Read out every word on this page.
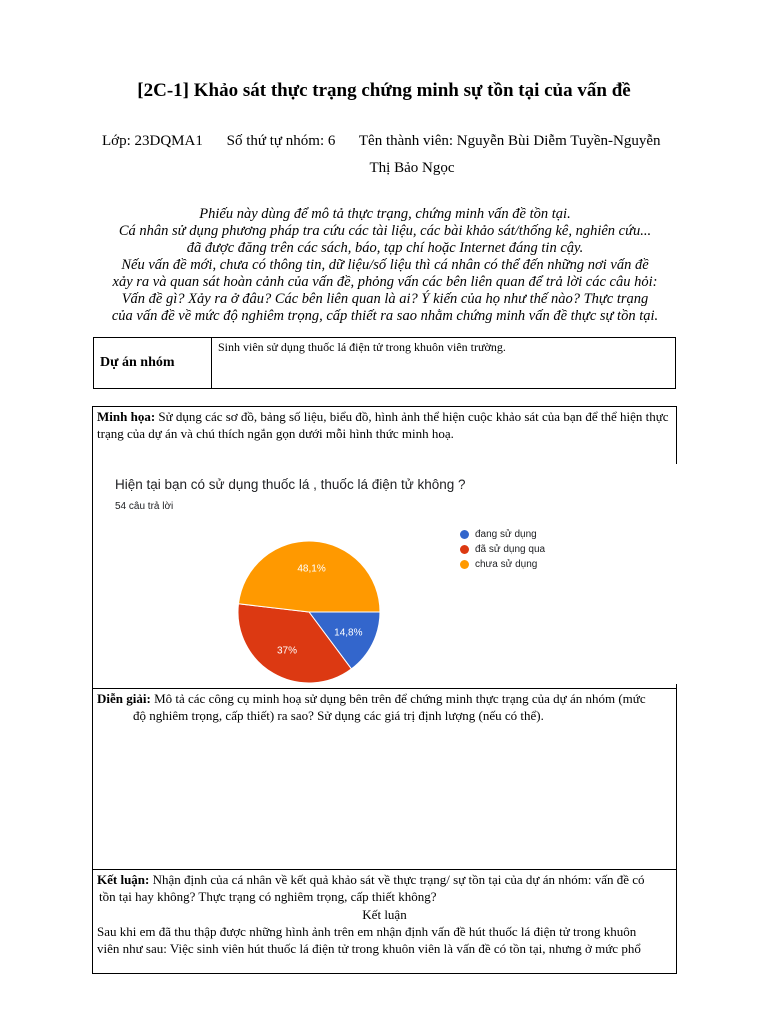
[2C-1] Khảo sát thực trạng chứng minh sự tồn tại của vấn đề
Lớp: 23DQMA1 Số thứ tự nhóm: 6 Tên thành viên: Nguyễn Bùi Diễm Tuyền-Nguyễn
Thị Bảo Ngọc
Phiếu này dùng để mô tả thực trạng, chứng minh vấn đề tồn tại.
Cá nhân sử dụng phương pháp tra cứu các tài liệu, các bài khảo sát/thống kê, nghiên cứu...
đã được đăng trên các sách, báo, tạp chí hoặc Internet đáng tin cậy.
Nếu vấn đề mới, chưa có thông tin, dữ liệu/số liệu thì cá nhân có thể đến những nơi vấn đề
xảy ra và quan sát hoàn cảnh của vấn đề, phỏng vấn các bên liên quan để trả lời các câu hỏi:
Vấn đề gì? Xảy ra ở đâu? Các bên liên quan là ai? Ý kiến của họ như thế nào? Thực trạng
của vấn đề về mức độ nghiêm trọng, cấp thiết ra sao nhằm chứng minh vấn đề thực sự tồn tại.
Dự án nhóm	Sinh viên sử dụng thuốc lá điện tử trong khuôn viên trường.
Minh họa: Sử dụng các sơ đồ, bảng số liệu, biểu đồ, hình ảnh thể hiện cuộc khảo sát của bạn để thể hiện thực trạng của dự án và chú thích ngắn gọn dưới mỗi hình thức minh hoạ.
Hiện tại bạn có sử dụng thuốc lá , thuốc lá điện tử không ?
54 câu trả lời
14,8%
37%
48,1%
đang sử dụng
đã sử dụng qua
chưa sử dụng
Diễn giải: Mô tả các công cụ minh hoạ sử dụng bên trên để chứng minh thực trạng của dự án nhóm (mức
độ nghiêm trọng, cấp thiết) ra sao? Sử dụng các giá trị định lượng (nếu có thể).
Kết luận: Nhận định của cá nhân về kết quả khảo sát về thực trạng/ sự tồn tại của dự án nhóm: vấn đề có
tồn tại hay không? Thực trạng có nghiêm trọng, cấp thiết không?
Kết luận
Sau khi em đã thu thập được những hình ảnh trên em nhận định vấn đề hút thuốc lá điện tử trong khuôn
viên như sau: Việc sinh viên hút thuốc lá điện tử trong khuôn viên là vấn đề có tồn tại, nhưng ở mức phổ
